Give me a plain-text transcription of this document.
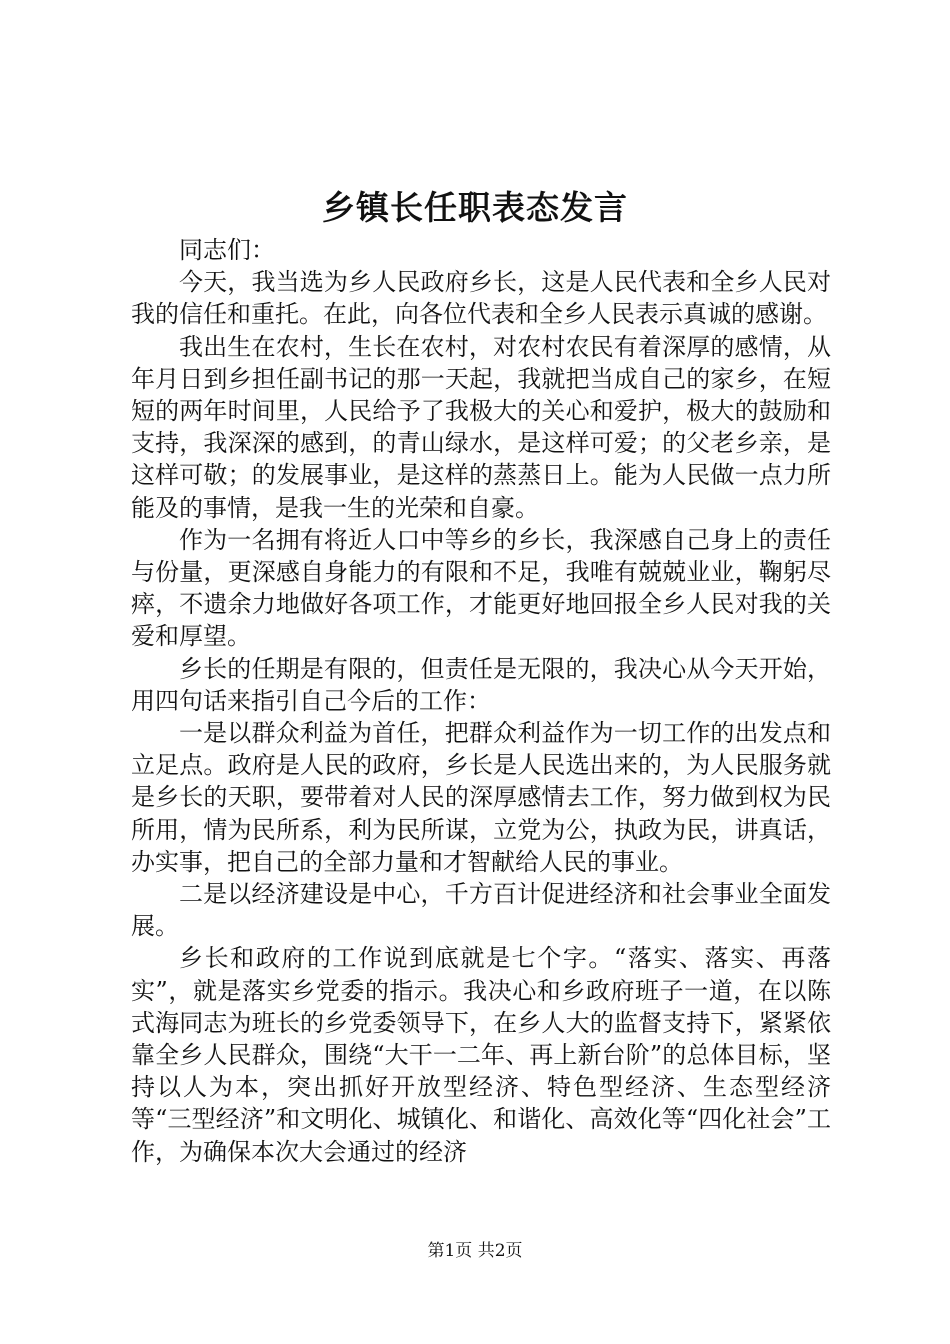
乡镇长任职表态发言

同志们：

今天，我当选为乡人民政府乡长，这是人民代表和全乡人民对我的信任和重托。在此，向各位代表和全乡人民表示真诚的感谢。

我出生在农村，生长在农村，对农村农民有着深厚的感情，从年月日到乡担任副书记的那一天起，我就把当成自己的家乡，在短短的两年时间里，人民给予了我极大的关心和爱护，极大的鼓励和支持，我深深的感到，的青山绿水，是这样可爱；的父老乡亲，是这样可敬；的发展事业，是这样的蒸蒸日上。能为人民做一点力所能及的事情，是我一生的光荣和自豪。

作为一名拥有将近人口中等乡的乡长，我深感自己身上的责任与份量，更深感自身能力的有限和不足，我唯有兢兢业业，鞠躬尽瘁，不遗余力地做好各项工作，才能更好地回报全乡人民对我的关爱和厚望。

乡长的任期是有限的，但责任是无限的，我决心从今天开始，用四句话来指引自己今后的工作：

一是以群众利益为首任，把群众利益作为一切工作的出发点和立足点。政府是人民的政府，乡长是人民选出来的，为人民服务就是乡长的天职，要带着对人民的深厚感情去工作，努力做到权为民所用，情为民所系，利为民所谋，立党为公，执政为民，讲真话，办实事，把自己的全部力量和才智献给人民的事业。

二是以经济建设是中心，千方百计促进经济和社会事业全面发展。

乡长和政府的工作说到底就是七个字。“落实、落实、再落实”，就是落实乡党委的指示。我决心和乡政府班子一道，在以陈式海同志为班长的乡党委领导下，在乡人大的监督支持下，紧紧依靠全乡人民群众，围绕“大干一二年、再上新台阶”的总体目标，坚持以人为本，突出抓好开放型经济、特色型经济、生态型经济等“三型经济”和文明化、城镇化、和谐化、高效化等“四化社会”工作，为确保本次大会通过的经济

第1页 共2页
